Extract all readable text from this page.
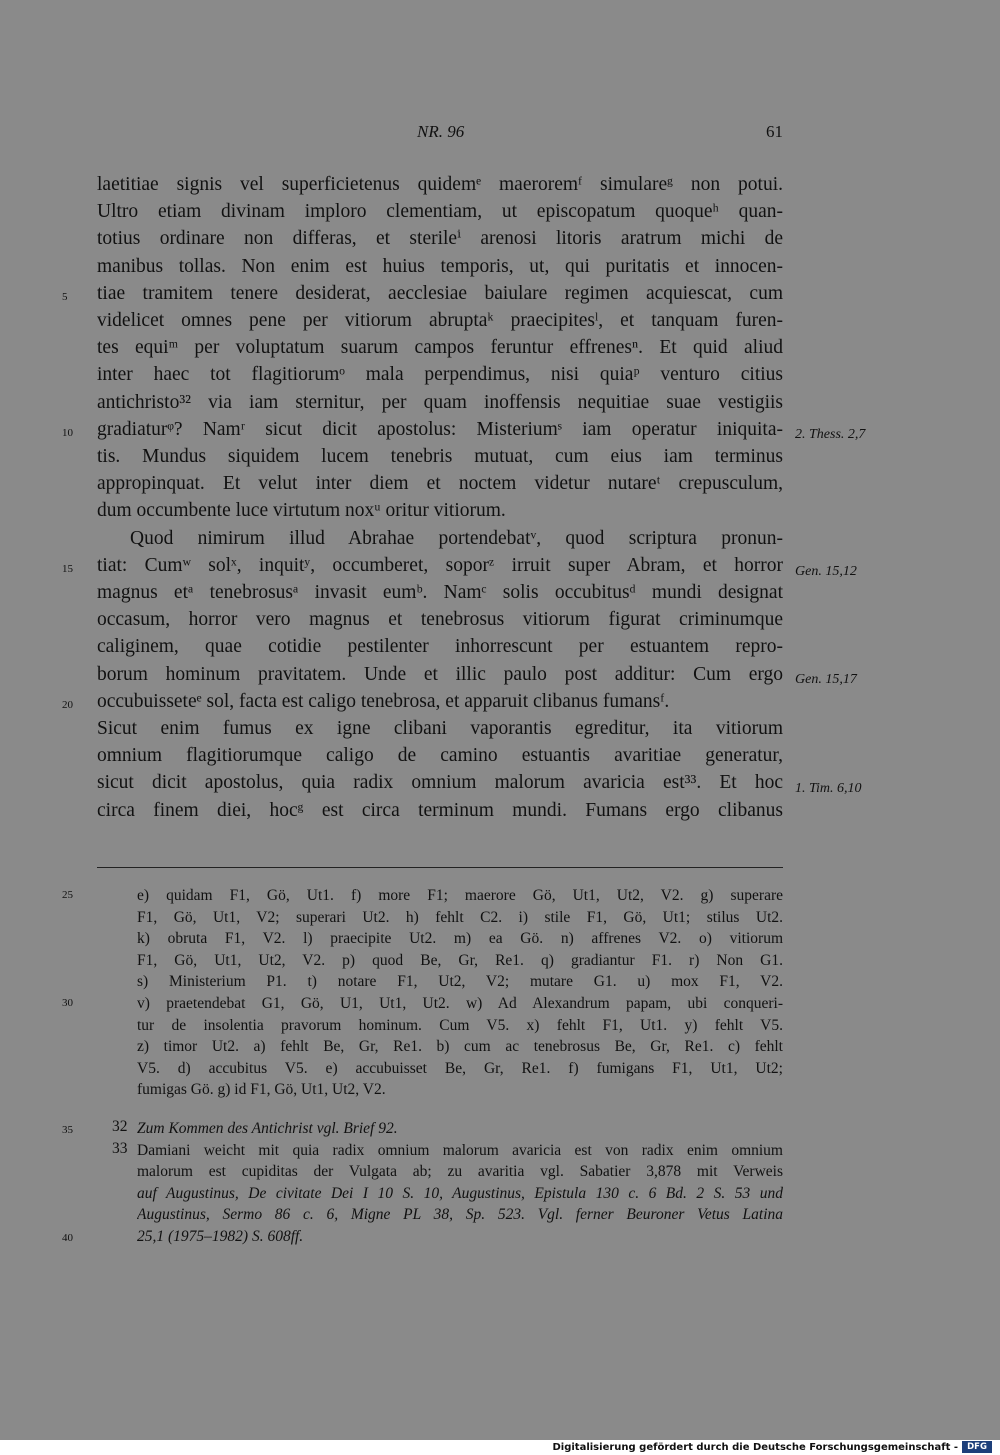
NR. 96	61
laetitiae signis vel superficietenus quidemᵉ maeroremᶠ simulareᵍ non potui.
Ultro etiam divinam imploro clementiam, ut episcopatum quoqueʰ quan-
totius ordinare non differas, et sterileⁱ arenosi litoris aratrum michi de
manibus tollas. Non enim est huius temporis, ut, qui puritatis et innocen-
tiae tramitem tenere desiderat, aecclesiae baiulare regimen acquiescat, cum
videlicet omnes pene per vitiorum abruptaᵏ praecipitesˡ, et tanquam furen-
tes equiᵐ per voluptatum suarum campos feruntur effrenesⁿ. Et quid aliud
inter haec tot flagitiorumᵒ mala perpendimus, nisi quiaᵖ venturo citius
antichristo³² via iam sternitur, per quam inoffensis nequitiae suae vestigiis
gradiaturᵠ? Namʳ sicut dicit apostolus: Misteriumˢ iam operatur iniquita-
tis. Mundus siquidem lucem tenebris mutuat, cum eius iam terminus
appropinquat. Et velut inter diem et noctem videtur nutareᵗ crepusculum,
dum occumbente luce virtutum noxᵘ oritur vitiorum.
Quod nimirum illud Abrahae portendebatᵛ, quod scriptura pronun-
tiat: Cumʷ solˣ, inquitʸ, occumberet, soporᶻ irruit super Abram, et horror
magnus etᵃ tenebrosusᵃ invasit eumᵇ. Namᶜ solis occubitusᵈ mundi designat
occasum, horror vero magnus et tenebrosus vitiorum figurat criminumque
caliginem, quae cotidie pestilenter inhorrescunt per estuantem repro-
borum hominum pravitatem. Unde et illic paulo post additur: Cum ergo
occubuisseteᵉ sol, facta est caligo tenebrosa, et apparuit clibanus fumansᶠ.
Sicut enim fumus ex igne clibani vaporantis egreditur, ita vitiorum
omnium flagitiorumque caligo de camino estuantis avaritiae generatur,
sicut dicit apostolus, quia radix omnium malorum avaricia est³³. Et hoc
circa finem diei, hocᵍ est circa terminum mundi. Fumans ergo clibanus
5
10
15
20
2. Thess. 2,7
Gen. 15,12
Gen. 15,17
1. Tim. 6,10
25	e) quidam F1, Gö, Ut1. f) more F1; maerore Gö, Ut1, Ut2, V2. g) superare
F1, Gö, Ut1, V2; superari Ut2. h) fehlt C2. i) stile F1, Gö, Ut1; stilus Ut2.
k) obruta F1, V2. l) praecipite Ut2. m) ea Gö. n) affrenes V2. o) vitiorum
F1, Gö, Ut1, Ut2, V2. p) quod Be, Gr, Re1. q) gradiantur F1. r) Non G1.
s) Ministerium P1. t) notare F1, Ut2, V2; mutare G1. u) mox F1, V2.
30	v) praetendebat G1, Gö, U1, Ut1, Ut2. w) Ad Alexandrum papam, ubi conqueri-
tur de insolentia pravorum hominum. Cum V5. x) fehlt F1, Ut1. y) fehlt V5.
z) timor Ut2. a) fehlt Be, Gr, Re1. b) cum ac tenebrosus Be, Gr, Re1. c) fehlt
V5. d) accubitus V5. e) accubuisset Be, Gr, Re1. f) fumigans F1, Ut1, Ut2;
fumigas Gö. g) id F1, Gö, Ut1, Ut2, V2.
35	32 Zum Kommen des Antichrist vgl. Brief 92.
33 Damiani weicht mit quia radix omnium malorum avaricia est von radix enim omnium
malorum est cupiditas der Vulgata ab; zu avaritia vgl. Sabatier 3,878 mit Verweis
auf Augustinus, De civitate Dei I 10 S. 10, Augustinus, Epistula 130 c. 6 Bd. 2 S. 53 und
Augustinus, Sermo 86 c. 6, Migne PL 38, Sp. 523. Vgl. ferner Beuroner Vetus Latina
40	25,1 (1975–1982) S. 608ff.
Digitalisierung gefördert durch die Deutsche Forschungsgemeinschaft -	DFG
